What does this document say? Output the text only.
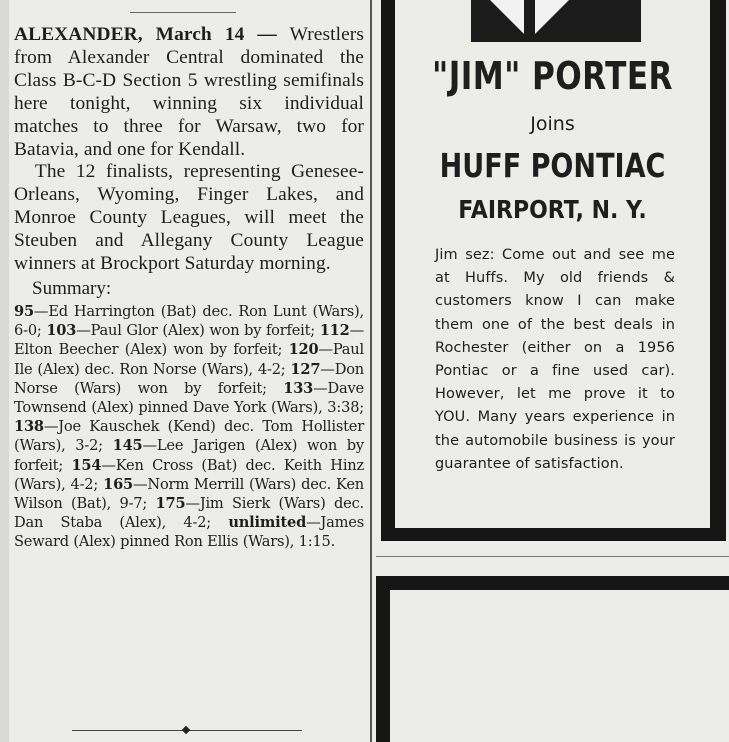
ALEXANDER, March 14 — Wrestlers from Alexander Central dominated the Class B-C-D Section 5 wrestling semifinals here tonight, winning six individual matches to three for Warsaw, two for Batavia, and one for Kendall.

The 12 finalists, representing Genesee-Orleans, Wyoming, Finger Lakes, and Monroe County Leagues, will meet the Steuben and Allegany County League winners at Brockport Saturday morning.

Summary:
95—Ed Harrington (Bat) dec. Ron Lunt (Wars), 6-0; 103—Paul Glor (Alex) won by forfeit; 112—Elton Beecher (Alex) won by forfeit; 120—Paul Ile (Alex) dec. Ron Norse (Wars), 4-2; 127—Don Norse (Wars) won by forfeit; 133—Dave Townsend (Alex) pinned Dave York (Wars), 3:38; 138—Joe Kauschek (Kend) dec. Tom Hollister (Wars), 3-2; 145—Lee Jarigen (Alex) won by forfeit; 154—Ken Cross (Bat) dec. Keith Hinz (Wars), 4-2; 165—Norm Merrill (Wars) dec. Ken Wilson (Bat), 9-7; 175—Jim Sierk (Wars) dec. Dan Staba (Alex), 4-2; unlimited—James Seward (Alex) pinned Ron Ellis (Wars), 1:15.
"JIM" PORTER
Joins
HUFF PONTIAC
FAIRPORT, N. Y.
Jim sez: Come out and see me at Huffs. My old friends & customers know I can make them one of the best deals in Rochester (either on a 1956 Pontiac or a fine used car). However, let me prove it to YOU. Many years experience in the automobile business is your guarantee of satisfaction.
